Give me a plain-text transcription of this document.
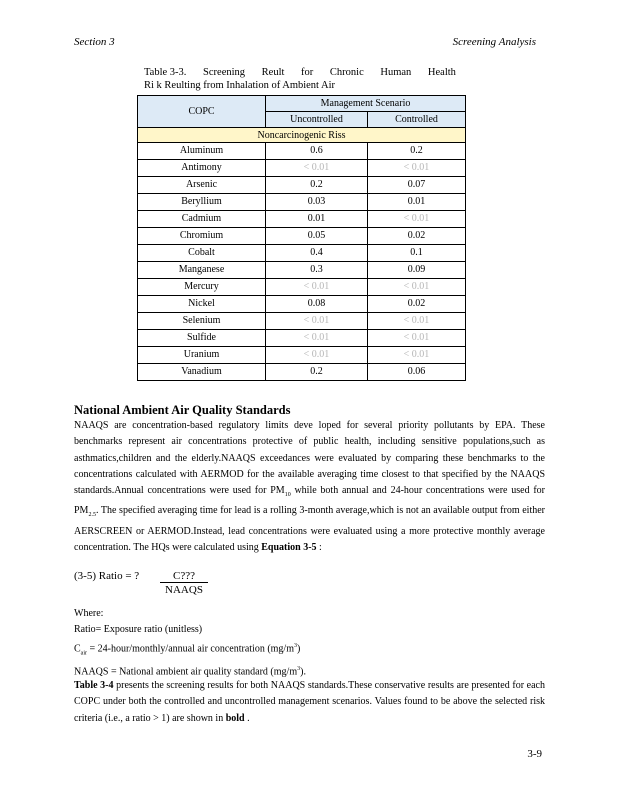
Section 3	Screening Analysis
Table 3-3. Screening Reult for Chronic Human Health
Ri k Reulting from Inhalation of Ambient Air
COPC	Management Scenario	
	Uncontrolled	Controlled
Noncarcinogenic Riss		
Aluminum	0.6	0.2
Antimony	< 0.01	< 0.01
Arsenic	0.2	0.07
Beryllium	0.03	0.01
Cadmium	0.01	< 0.01
Chromium	0.05	0.02
Cobalt	0.4	0.1
Manganese	0.3	0.09
Mercury	< 0.01	< 0.01
Nickel	0.08	0.02
Selenium	< 0.01	< 0.01
Sulfide	< 0.01	< 0.01
Uranium	< 0.01	< 0.01
Vanadium	0.2	0.06
National Ambient Air Quality Standards
NAAQS are concentration-based regulatory limits deve loped for several priority pollutants by EPA. These benchmarks represent air concentrations protective of public health, including sensitive populations,such as asthmatics,children and the elderly.NAAQS exceedances were evaluated by comparing these benchmarks to the concentrations calculated with AERMOD for the available averaging time closest to that specified by the NAAQS standards.Annual concentrations were used for $PM_{10}$ while both annual and 24-hour concentrations were used for $PM_{2.5}$. The specified averaging time for lead is a rolling 3-month average,which is not an available output from either AERSCREEN or AERMOD.Instead, lead concentrations were evaluated using a more protective monthly average concentration. The HQs were calculated using Equation 3-5 :
(3-5) Ratio = ?	C???
NAAQS
Where:
Ratio= Exposure ratio (unitless)
$C_{air}$ = 24-hour/monthly/annual air concentration $(mg/m^3)$
NAAQS = National ambient air quality standard $(mg/m^3)$.
Table 3-4 presents the screening results for both NAAQS standards.These conservative results are presented for each COPC under both the controlled and uncontrolled management scenarios. Values found to be above the selected risk criteria (i.e., a ratio > 1) are shown in bold .
3-9
